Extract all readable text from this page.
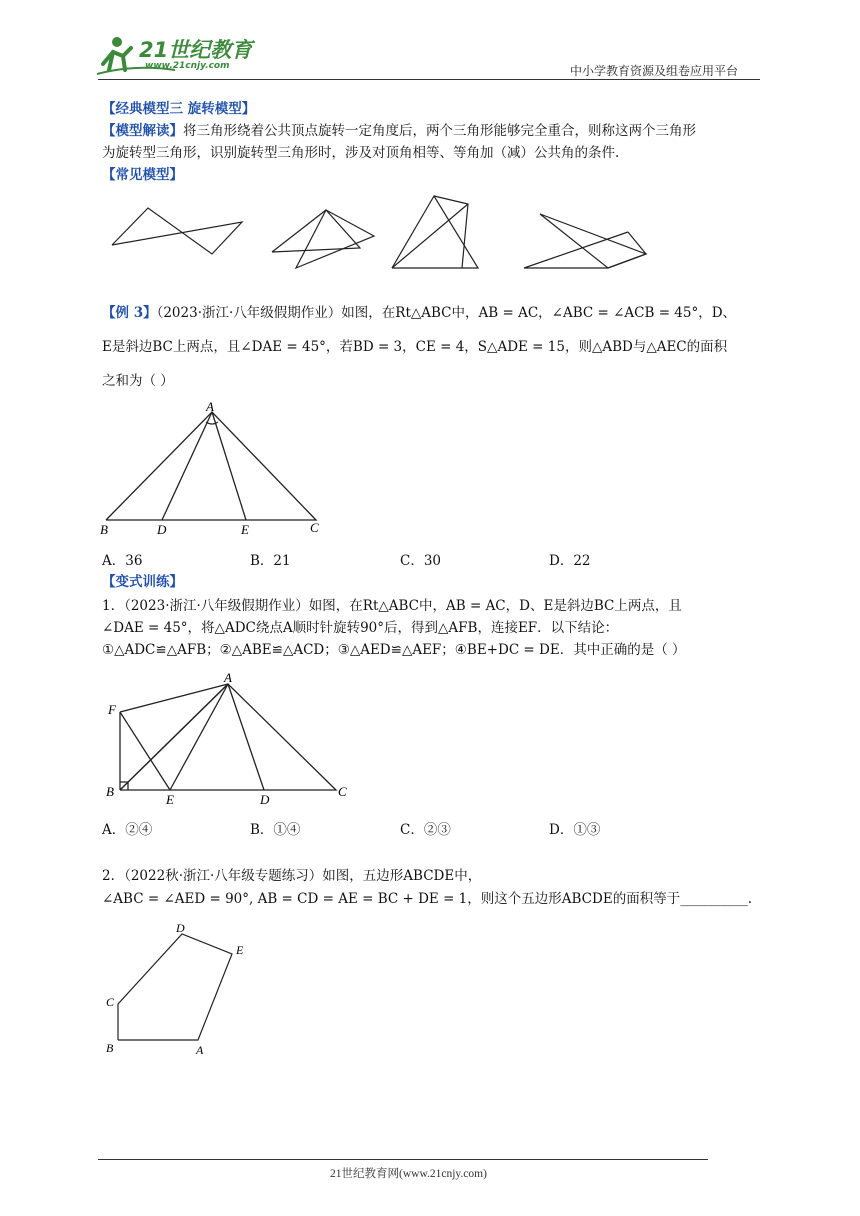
21世纪教育
www.21cnjy.com	中小学教育资源及组卷应用平台
【经典模型三 旋转模型】
【模型解读】将三角形绕着公共顶点旋转一定角度后，两个三角形能够完全重合，则称这两个三角形
为旋转型三角形，识别旋转型三角形时，涉及对顶角相等、等角加（减）公共角的条件.
【常见模型】
【例 3】（2023·浙江·八年级假期作业）如图，在Rt△ABC中，AB = AC，∠ABC = ∠ACB = 45°，D、
E是斜边BC上两点，且∠DAE = 45°，若BD = 3，CE = 4，S△ADE = 15，则△ABD与△AEC的面积
之和为（ ）
A
B	D	E	C
A．36	B．21	C．30	D．22
【变式训练】
1．（2023·浙江·八年级假期作业）如图，在Rt△ABC中，AB = AC，D、E是斜边BC上两点，且
∠DAE = 45°，将△ADC绕点A顺时针旋转90°后，得到△AFB，连接EF．以下结论：
①△ADC≌△AFB；②△ABE≌△ACD；③△AED≌△AEF；④BE+DC = DE．其中正确的是（ ）
A
F
B
E	D
C
A．②④	B．①④	C．②③	D．①③
2．（2022秋·浙江·八年级专题练习）如图，五边形ABCDE中，
∠ABC = ∠AED = 90°, AB = CD = AE = BC + DE = 1，则这个五边形ABCDE的面积等于__________.
D
E
C
B	A
21世纪教育网(www.21cnjy.com)
